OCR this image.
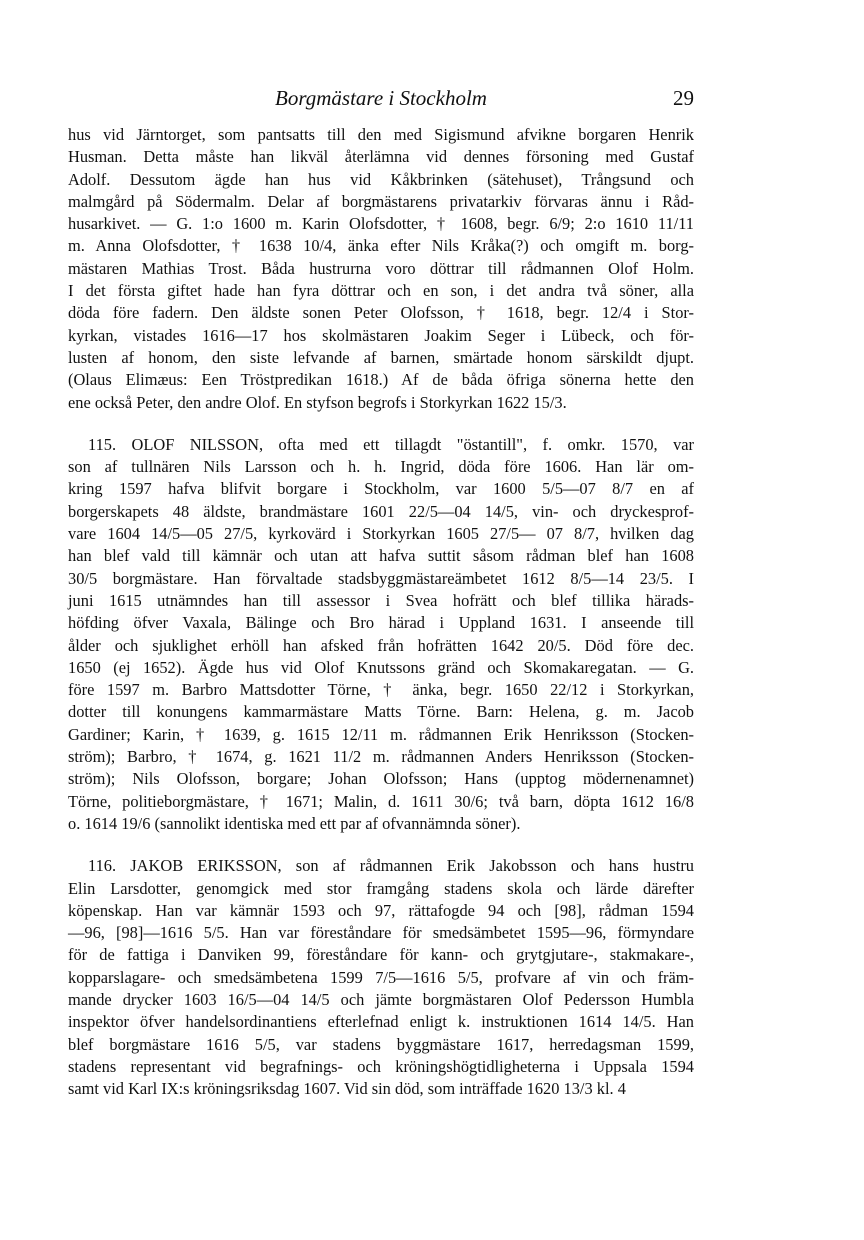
Borgmästare i Stockholm	29
hus vid Järntorget, som pantsatts till den med Sigismund afvikne borgaren Henrik
Husman. Detta måste han likväl återlämna vid dennes försoning med Gustaf
Adolf. Dessutom ägde han hus vid Kåkbrinken (sätehuset), Trångsund och
malmgård på Södermalm. Delar af borgmästarens privatarkiv förvaras ännu i Råd-
husarkivet. — G. 1:o 1600 m. Karin Olofsdotter, † 1608, begr. 6/9; 2:o 1610 11/11
m. Anna Olofsdotter, † 1638 10/4, änka efter Nils Kråka(?) och omgift m. borg-
mästaren Mathias Trost. Båda hustrurna voro döttrar till rådmannen Olof Holm.
I det första giftet hade han fyra döttrar och en son, i det andra två söner, alla
döda före fadern. Den äldste sonen Peter Olofsson, † 1618, begr. 12/4 i Stor-
kyrkan, vistades 1616—17 hos skolmästaren Joakim Seger i Lübeck, och för-
lusten af honom, den siste lefvande af barnen, smärtade honom särskildt djupt.
(Olaus Elimæus: Een Tröstpredikan 1618.) Af de båda öfriga sönerna hette den
ene också Peter, den andre Olof. En styfson begrofs i Storkyrkan 1622 15/3.
115. OLOF NILSSON, ofta med ett tillagdt "östantill", f. omkr. 1570, var
son af tullnären Nils Larsson och h. h. Ingrid, döda före 1606. Han lär om-
kring 1597 hafva blifvit borgare i Stockholm, var 1600 5/5—07 8/7 en af
borgerskapets 48 äldste, brandmästare 1601 22/5—04 14/5, vin- och dryckesprof-
vare 1604 14/5—05 27/5, kyrkovärd i Storkyrkan 1605 27/5— 07 8/7, hvilken dag
han blef vald till kämnär och utan att hafva suttit såsom rådman blef han 1608
30/5 borgmästare. Han förvaltade stadsbyggmästareämbetet 1612 8/5—14 23/5. I
juni 1615 utnämndes han till assessor i Svea hofrätt och blef tillika härads-
höfding öfver Vaxala, Bälinge och Bro härad i Uppland 1631. I anseende till
ålder och sjuklighet erhöll han afsked från hofrätten 1642 20/5. Död före dec.
1650 (ej 1652). Ägde hus vid Olof Knutssons gränd och Skomakaregatan. — G.
före 1597 m. Barbro Mattsdotter Törne, † änka, begr. 1650 22/12 i Storkyrkan,
dotter till konungens kammarmästare Matts Törne. Barn: Helena, g. m. Jacob
Gardiner; Karin, † 1639, g. 1615 12/11 m. rådmannen Erik Henriksson (Stocken-
ström); Barbro, † 1674, g. 1621 11/2 m. rådmannen Anders Henriksson (Stocken-
ström); Nils Olofsson, borgare; Johan Olofsson; Hans (upptog mödernenamnet)
Törne, politieborgmästare, † 1671; Malin, d. 1611 30/6; två barn, döpta 1612 16/8
o. 1614 19/6 (sannolikt identiska med ett par af ofvannämnda söner).
116. JAKOB ERIKSSON, son af rådmannen Erik Jakobsson och hans hustru
Elin Larsdotter, genomgick med stor framgång stadens skola och lärde därefter
köpenskap. Han var kämnär 1593 och 97, rättafogde 94 och [98], rådman 1594
—96, [98]—1616 5/5. Han var föreståndare för smedsämbetet 1595—96, förmyndare
för de fattiga i Danviken 99, föreståndare för kann- och grytgjutare-, stakmakare-,
kopparslagare- och smedsämbetena 1599 7/5—1616 5/5, profvare af vin och främ-
mande drycker 1603 16/5—04 14/5 och jämte borgmästaren Olof Pedersson Humbla
inspektor öfver handelsordinantiens efterlefnad enligt k. instruktionen 1614 14/5. Han
blef borgmästare 1616 5/5, var stadens byggmästare 1617, herredagsman 1599,
stadens representant vid begrafnings- och kröningshögtidligheterna i Uppsala 1594
samt vid Karl IX:s kröningsriksdag 1607. Vid sin död, som inträffade 1620 13/3 kl. 4
